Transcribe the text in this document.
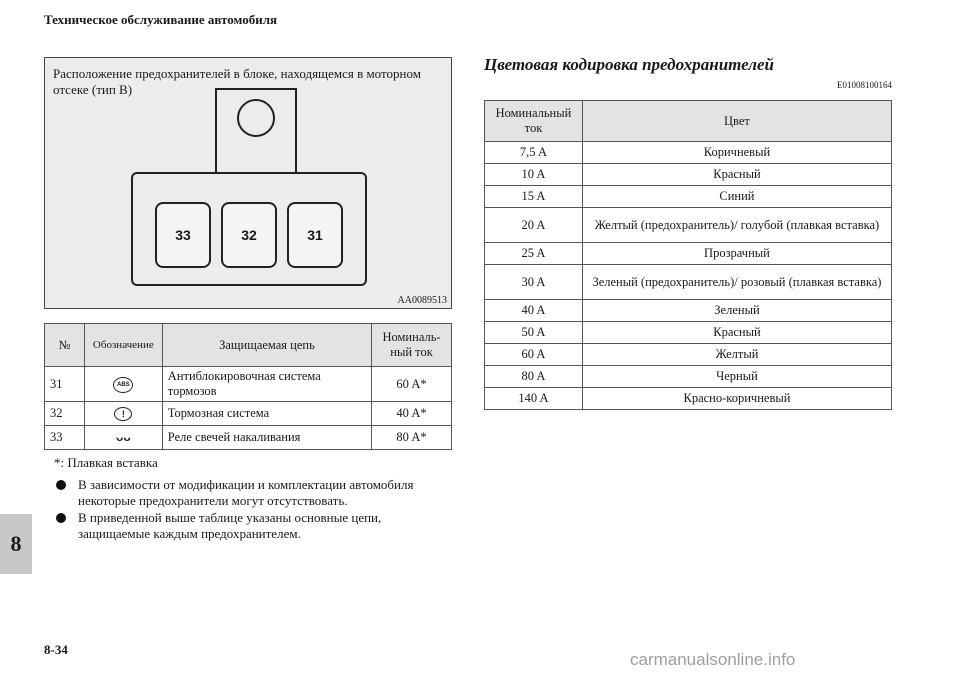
Техническое обслуживание автомобиля
Расположение предохранителей в блоке, находящемся в моторном отсеке (тип B)
33	32	31
AA0089513
№	Обозначение	Защищаемая цепь	Номиналь-ный ток
31	ABS	Антиблокировочная система тормозов	60 A*
32	!	Тормозная система	40 A*
33	ᴗᴗ	Реле свечей накаливания	80 A*
*: Плавкая вставка
В зависимости от модификации и комплектации автомобиля некоторые предохранители могут отсутствовать.
В приведенной выше таблице указаны основные цепи, защищаемые каждым предохранителем.
Цветовая кодировка предохранителей
E01008100164
Номинальный ток	Цвет
7,5 A	Коричневый
10 A	Красный
15 A	Синий
20 A	Желтый (предохранитель)/ голубой (плавкая вставка)
25 A	Прозрачный
30 A	Зеленый (предохранитель)/ розовый (плавкая вставка)
40 A	Зеленый
50 A	Красный
60 A	Желтый
80 A	Черный
140 A	Красно-коричневый
8
8-34
carmanualsonline.info
